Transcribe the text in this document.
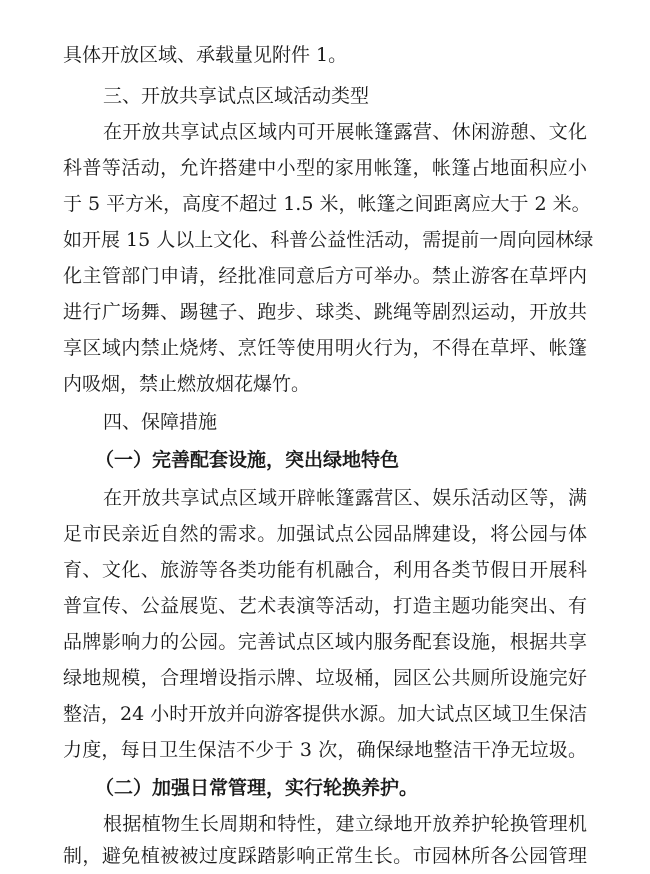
具体开放区域、承载量见附件 1。
三、开放共享试点区域活动类型
在开放共享试点区域内可开展帐篷露营、休闲游憩、文化
科普等活动，允许搭建中小型的家用帐篷，帐篷占地面积应小
于 5 平方米，高度不超过 1.5 米，帐篷之间距离应大于 2 米。
如开展 15 人以上文化、科普公益性活动，需提前一周向园林绿
化主管部门申请，经批准同意后方可举办。禁止游客在草坪内
进行广场舞、踢毽子、跑步、球类、跳绳等剧烈运动，开放共
享区域内禁止烧烤、烹饪等使用明火行为，不得在草坪、帐篷
内吸烟，禁止燃放烟花爆竹。
四、保障措施
（一）完善配套设施，突出绿地特色
在开放共享试点区域开辟帐篷露营区、娱乐活动区等，满
足市民亲近自然的需求。加强试点公园品牌建设，将公园与体
育、文化、旅游等各类功能有机融合，利用各类节假日开展科
普宣传、公益展览、艺术表演等活动，打造主题功能突出、有
品牌影响力的公园。完善试点区域内服务配套设施，根据共享
绿地规模，合理增设指示牌、垃圾桶，园区公共厕所设施完好
整洁，24 小时开放并向游客提供水源。加大试点区域卫生保洁
力度，每日卫生保洁不少于 3 次，确保绿地整洁干净无垃圾。
（二）加强日常管理，实行轮换养护。
根据植物生长周期和特性，建立绿地开放养护轮换管理机
制，避免植被被过度踩踏影响正常生长。市园林所各公园管理
